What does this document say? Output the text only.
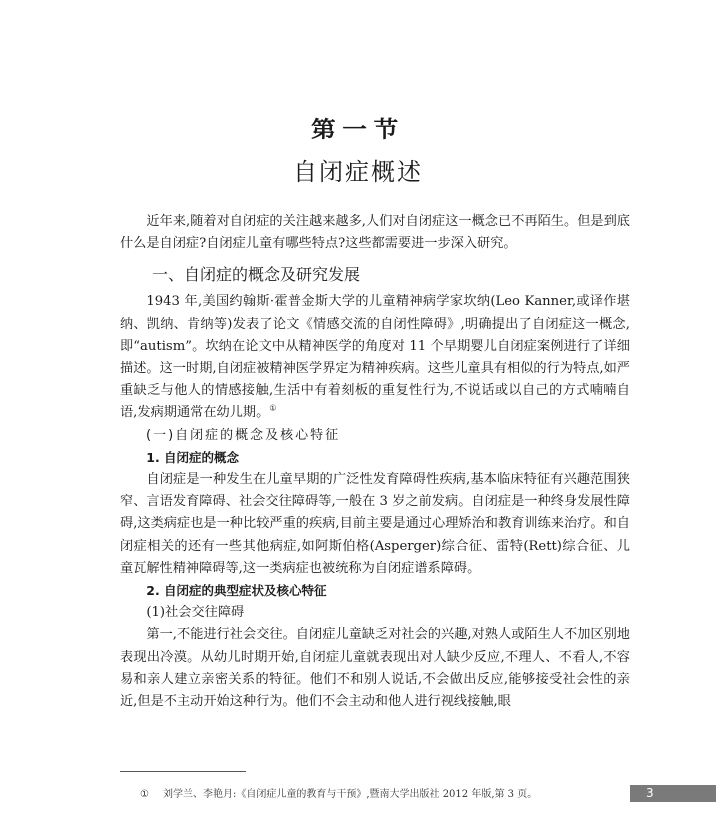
第一节
自闭症概述

近年来,随着对自闭症的关注越来越多,人们对自闭症这一概念已不再陌生。但是到底什么是自闭症?自闭症儿童有哪些特点?这些都需要进一步深入研究。

一、自闭症的概念及研究发展

1943 年,美国约翰斯·霍普金斯大学的儿童精神病学家坎纳(Leo Kanner,或译作堪纳、凯纳、肯纳等)发表了论文《情感交流的自闭性障碍》,明确提出了自闭症这一概念,即“autism”。坎纳在论文中从精神医学的角度对 11 个早期婴儿自闭症案例进行了详细描述。这一时期,自闭症被精神医学界定为精神疾病。这些儿童具有相似的行为特点,如严重缺乏与他人的情感接触,生活中有着刻板的重复性行为,不说话或以自己的方式喃喃自语,发病期通常在幼儿期。①

(一)自闭症的概念及核心特征
1. 自闭症的概念

自闭症是一种发生在儿童早期的广泛性发育障碍性疾病,基本临床特征有兴趣范围狭窄、言语发育障碍、社会交往障碍等,一般在 3 岁之前发病。自闭症是一种终身发展性障碍,这类病症也是一种比较严重的疾病,目前主要是通过心理矫治和教育训练来治疗。和自闭症相关的还有一些其他病症,如阿斯伯格(Asperger)综合征、雷特(Rett)综合征、儿童瓦解性精神障碍等,这一类病症也被统称为自闭症谱系障碍。

2. 自闭症的典型症状及核心特征
(1)社会交往障碍

第一,不能进行社会交往。自闭症儿童缺乏对社会的兴趣,对熟人或陌生人不加区别地表现出冷漠。从幼儿时期开始,自闭症儿童就表现出对人缺少反应,不理人、不看人,不容易和亲人建立亲密关系的特征。他们不和别人说话,不会做出反应,能够接受社会性的亲近,但是不主动开始这种行为。他们不会主动和他人进行视线接触,眼

① 刘学兰、李艳月:《自闭症儿童的教育与干预》,暨南大学出版社 2012 年版,第 3 页。	3
